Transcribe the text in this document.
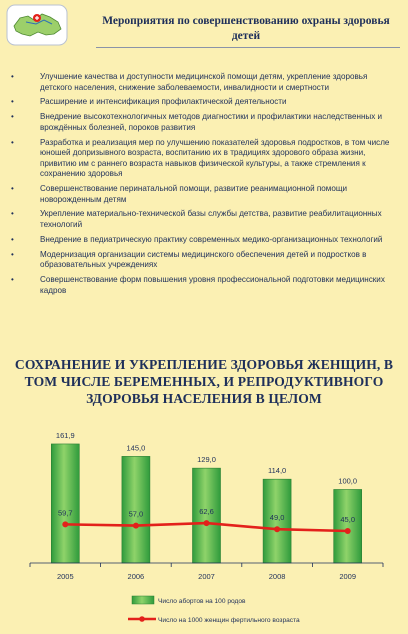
Мероприятия по совершенствованию охраны здоровья детей
•	Улучшение качества и доступности медицинской помощи детям, укрепление здоровья детского населения, снижение заболеваемости, инвалидности и смертности
•	Расширение и интенсификация профилактической деятельности
•	Внедрение высокотехнологичных методов диагностики и профилактики наследственных и врождённых болезней, пороков развития
•	Разработка и реализация мер по улучшению показателей здоровья подростков, в том числе юношей допризывного возраста, воспитанию их в традициях здорового образа жизни, привитию им с раннего возраста навыков физической культуры, а также стремления к сохранению здоровья
•	Совершенствование перинатальной помощи, развитие реанимационной помощи новорожденным детям
•	Укрепление материально-технической базы службы детства, развитие реабилитационных технологий
•	Внедрение в педиатрическую практику современных медико-организационных технологий
•	Модернизация организации системы медицинского обеспечения детей и подростков в образовательных учреждениях
•	Совершенствование форм повышения уровня профессиональной подготовки медицинских кадров
СОХРАНЕНИЕ И УКРЕПЛЕНИЕ ЗДОРОВЬЯ ЖЕНЩИН, В ТОМ ЧИСЛЕ БЕРЕМЕННЫХ, И РЕПРОДУКТИВНОГО ЗДОРОВЬЯ НАСЕЛЕНИЯ В ЦЕЛОМ
161,9
145,0
129,0
114,0
100,0
2005	2006	2007	2008	2009
59,7	57,0	62,6
49,0	45,0
Число абортов на 100 родов
Число на 1000 женщин фертильного возраста
